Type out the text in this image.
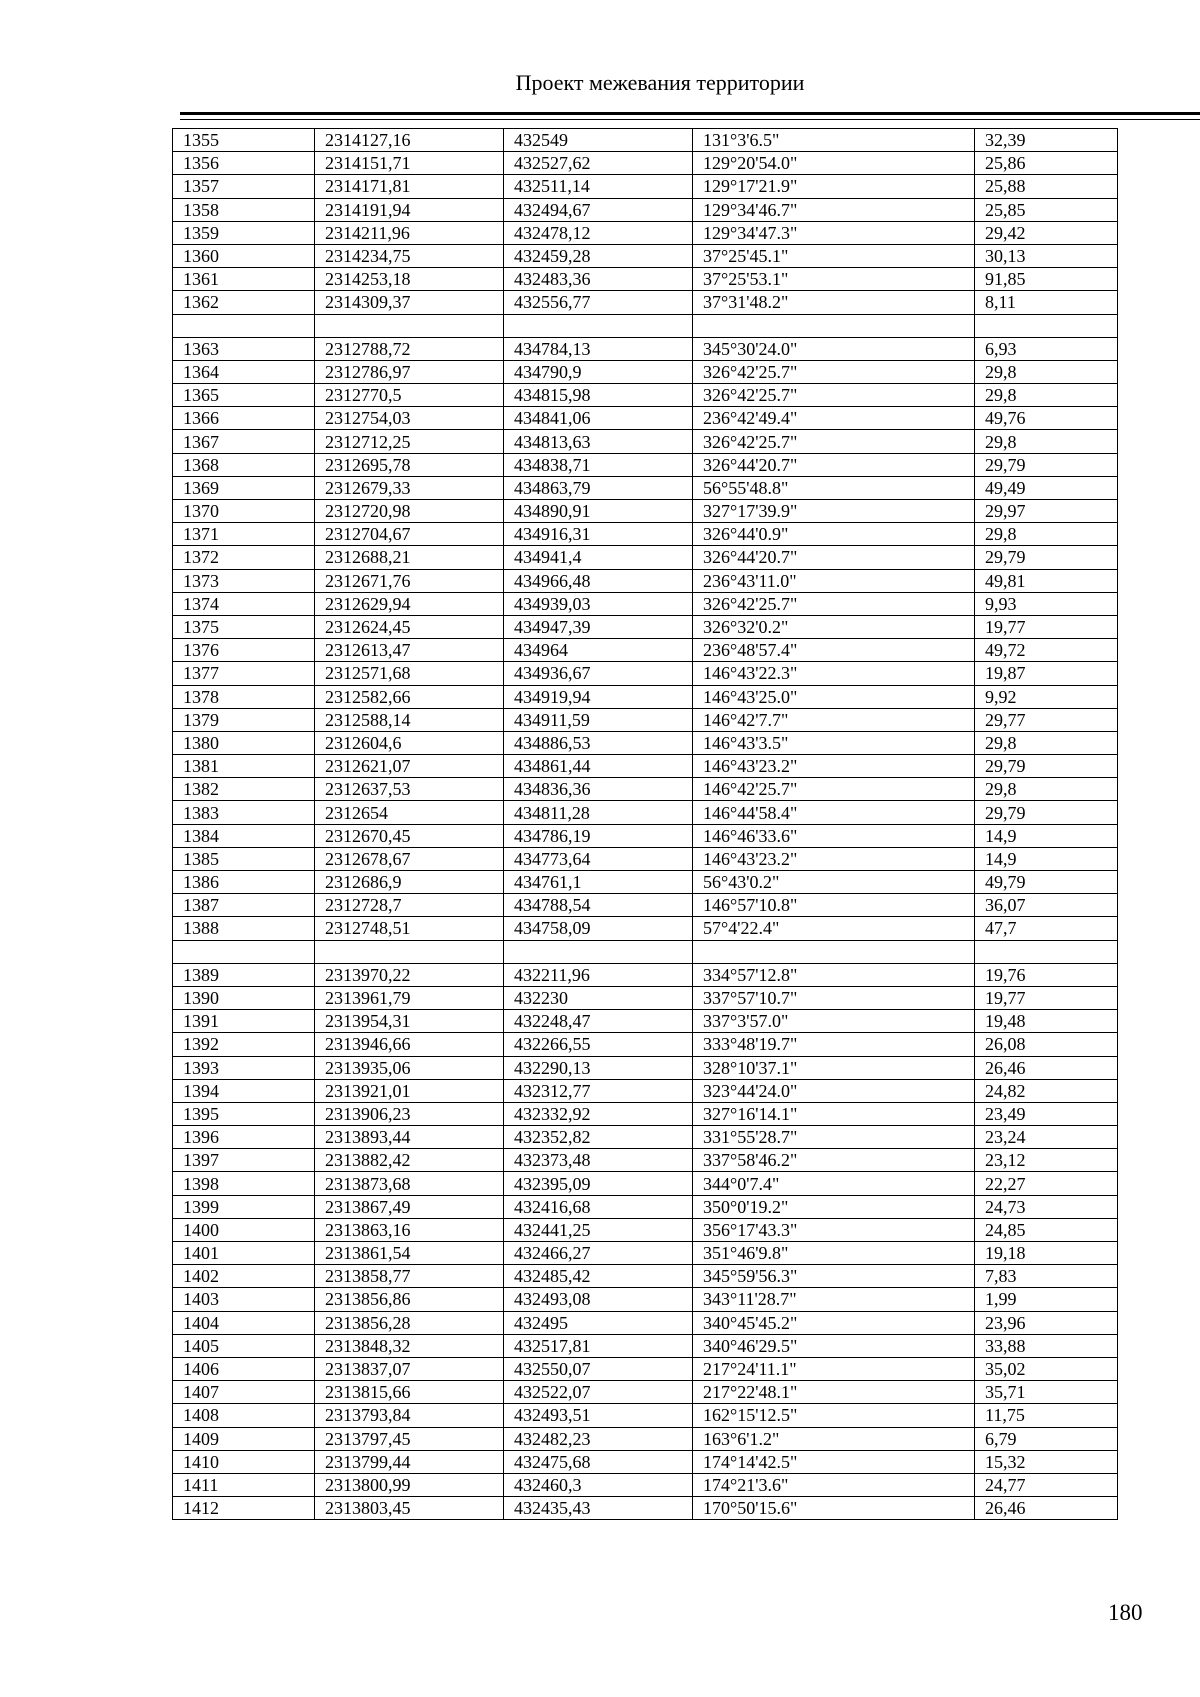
Проект межевания территории
1355	2314127,16	432549	131°3'6.5"	32,39
1356	2314151,71	432527,62	129°20'54.0"	25,86
1357	2314171,81	432511,14	129°17'21.9"	25,88
1358	2314191,94	432494,67	129°34'46.7"	25,85
1359	2314211,96	432478,12	129°34'47.3"	29,42
1360	2314234,75	432459,28	37°25'45.1"	30,13
1361	2314253,18	432483,36	37°25'53.1"	91,85
1362	2314309,37	432556,77	37°31'48.2"	8,11

1363	2312788,72	434784,13	345°30'24.0"	6,93
1364	2312786,97	434790,9	326°42'25.7"	29,8
1365	2312770,5	434815,98	326°42'25.7"	29,8
1366	2312754,03	434841,06	236°42'49.4"	49,76
1367	2312712,25	434813,63	326°42'25.7"	29,8
1368	2312695,78	434838,71	326°44'20.7"	29,79
1369	2312679,33	434863,79	56°55'48.8"	49,49
1370	2312720,98	434890,91	327°17'39.9"	29,97
1371	2312704,67	434916,31	326°44'0.9"	29,8
1372	2312688,21	434941,4	326°44'20.7"	29,79
1373	2312671,76	434966,48	236°43'11.0"	49,81
1374	2312629,94	434939,03	326°42'25.7"	9,93
1375	2312624,45	434947,39	326°32'0.2"	19,77
1376	2312613,47	434964	236°48'57.4"	49,72
1377	2312571,68	434936,67	146°43'22.3"	19,87
1378	2312582,66	434919,94	146°43'25.0"	9,92
1379	2312588,14	434911,59	146°42'7.7"	29,77
1380	2312604,6	434886,53	146°43'3.5"	29,8
1381	2312621,07	434861,44	146°43'23.2"	29,79
1382	2312637,53	434836,36	146°42'25.7"	29,8
1383	2312654	434811,28	146°44'58.4"	29,79
1384	2312670,45	434786,19	146°46'33.6"	14,9
1385	2312678,67	434773,64	146°43'23.2"	14,9
1386	2312686,9	434761,1	56°43'0.2"	49,79
1387	2312728,7	434788,54	146°57'10.8"	36,07
1388	2312748,51	434758,09	57°4'22.4"	47,7

1389	2313970,22	432211,96	334°57'12.8"	19,76
1390	2313961,79	432230	337°57'10.7"	19,77
1391	2313954,31	432248,47	337°3'57.0"	19,48
1392	2313946,66	432266,55	333°48'19.7"	26,08
1393	2313935,06	432290,13	328°10'37.1"	26,46
1394	2313921,01	432312,77	323°44'24.0"	24,82
1395	2313906,23	432332,92	327°16'14.1"	23,49
1396	2313893,44	432352,82	331°55'28.7"	23,24
1397	2313882,42	432373,48	337°58'46.2"	23,12
1398	2313873,68	432395,09	344°0'7.4"	22,27
1399	2313867,49	432416,68	350°0'19.2"	24,73
1400	2313863,16	432441,25	356°17'43.3"	24,85
1401	2313861,54	432466,27	351°46'9.8"	19,18
1402	2313858,77	432485,42	345°59'56.3"	7,83
1403	2313856,86	432493,08	343°11'28.7"	1,99
1404	2313856,28	432495	340°45'45.2"	23,96
1405	2313848,32	432517,81	340°46'29.5"	33,88
1406	2313837,07	432550,07	217°24'11.1"	35,02
1407	2313815,66	432522,07	217°22'48.1"	35,71
1408	2313793,84	432493,51	162°15'12.5"	11,75
1409	2313797,45	432482,23	163°6'1.2"	6,79
1410	2313799,44	432475,68	174°14'42.5"	15,32
1411	2313800,99	432460,3	174°21'3.6"	24,77
1412	2313803,45	432435,43	170°50'15.6"	26,46
180
